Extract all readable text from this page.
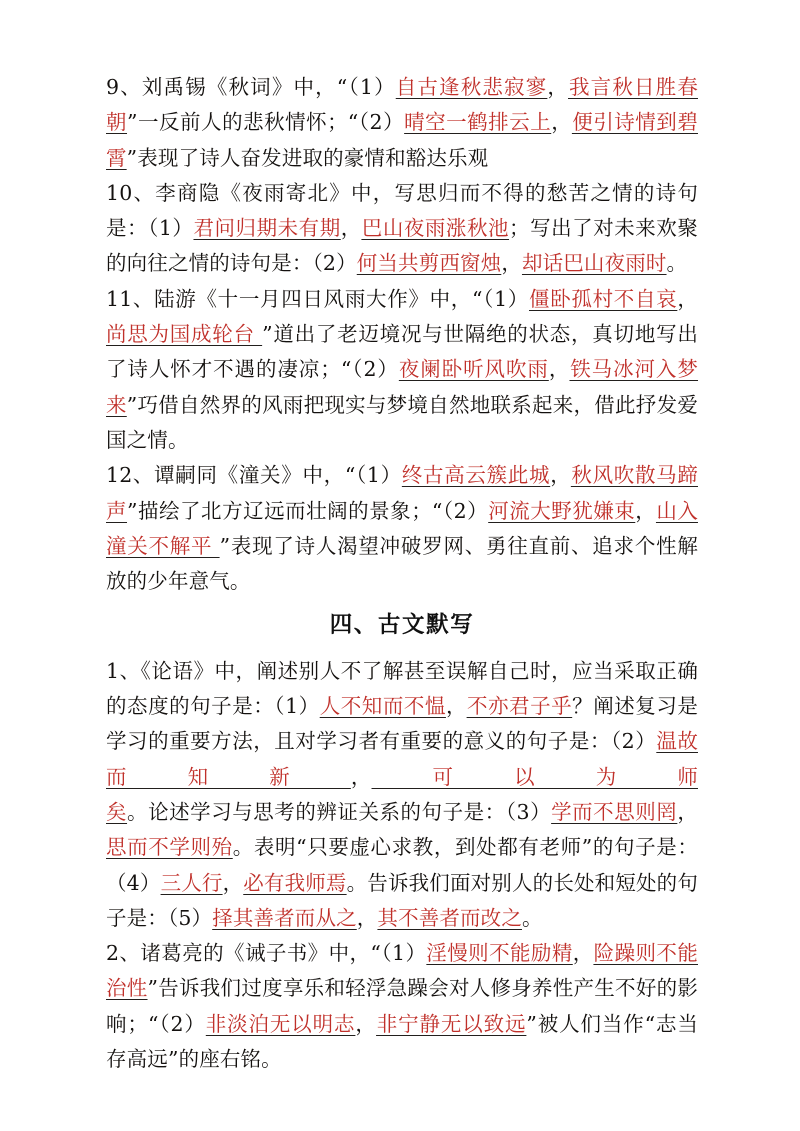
9、刘禹锡《秋词》中，“（1）自古逢秋悲寂寥，我言秋日胜春朝”一反前人的悲秋情怀；“（2）晴空一鹤排云上，便引诗情到碧霄”表现了诗人奋发进取的豪情和豁达乐观

10、李商隐《夜雨寄北》中，写思归而不得的愁苦之情的诗句是：（1）君问归期未有期，巴山夜雨涨秋池；写出了对未来欢聚的向往之情的诗句是：（2）何当共剪西窗烛，却话巴山夜雨时。

11、陆游《十一月四日风雨大作》中，“（1）僵卧孤村不自哀，尚思为国成轮台 ”道出了老迈境况与世隔绝的状态，真切地写出了诗人怀才不遇的凄凉；“（2）夜阑卧听风吹雨，铁马冰河入梦来”巧借自然界的风雨把现实与梦境自然地联系起来，借此抒发爱国之情。

12、谭嗣同《潼关》中，“（1）终古高云簇此城，秋风吹散马蹄声”描绘了北方辽远而壮阔的景象；“（2）河流大野犹嫌束，山入潼关不解平 ”表现了诗人渴望冲破罗网、勇往直前、追求个性解放的少年意气。

四、古文默写

1、《论语》中，阐述别人不了解甚至误解自己时，应当采取正确的态度的句子是：（1）人不知而不愠，不亦君子乎？阐述复习是学习的重要方法，且对学习者有重要的意义的句子是：（2）温故而知新，可以为师矣。论述学习与思考的辨证关系的句子是：（3）学而不思则罔，思而不学则殆。表明“只要虚心求教，到处都有老师”的句子是：（4）三人行，必有我师焉。告诉我们面对别人的长处和短处的句子是：（5）择其善者而从之，其不善者而改之。

2、诸葛亮的《诫子书》中，“（1）淫慢则不能励精，险躁则不能治性”告诉我们过度享乐和轻浮急躁会对人修身养性产生不好的影响；“（2）非淡泊无以明志，非宁静无以致远”被人们当作“志当存高远”的座右铭。
